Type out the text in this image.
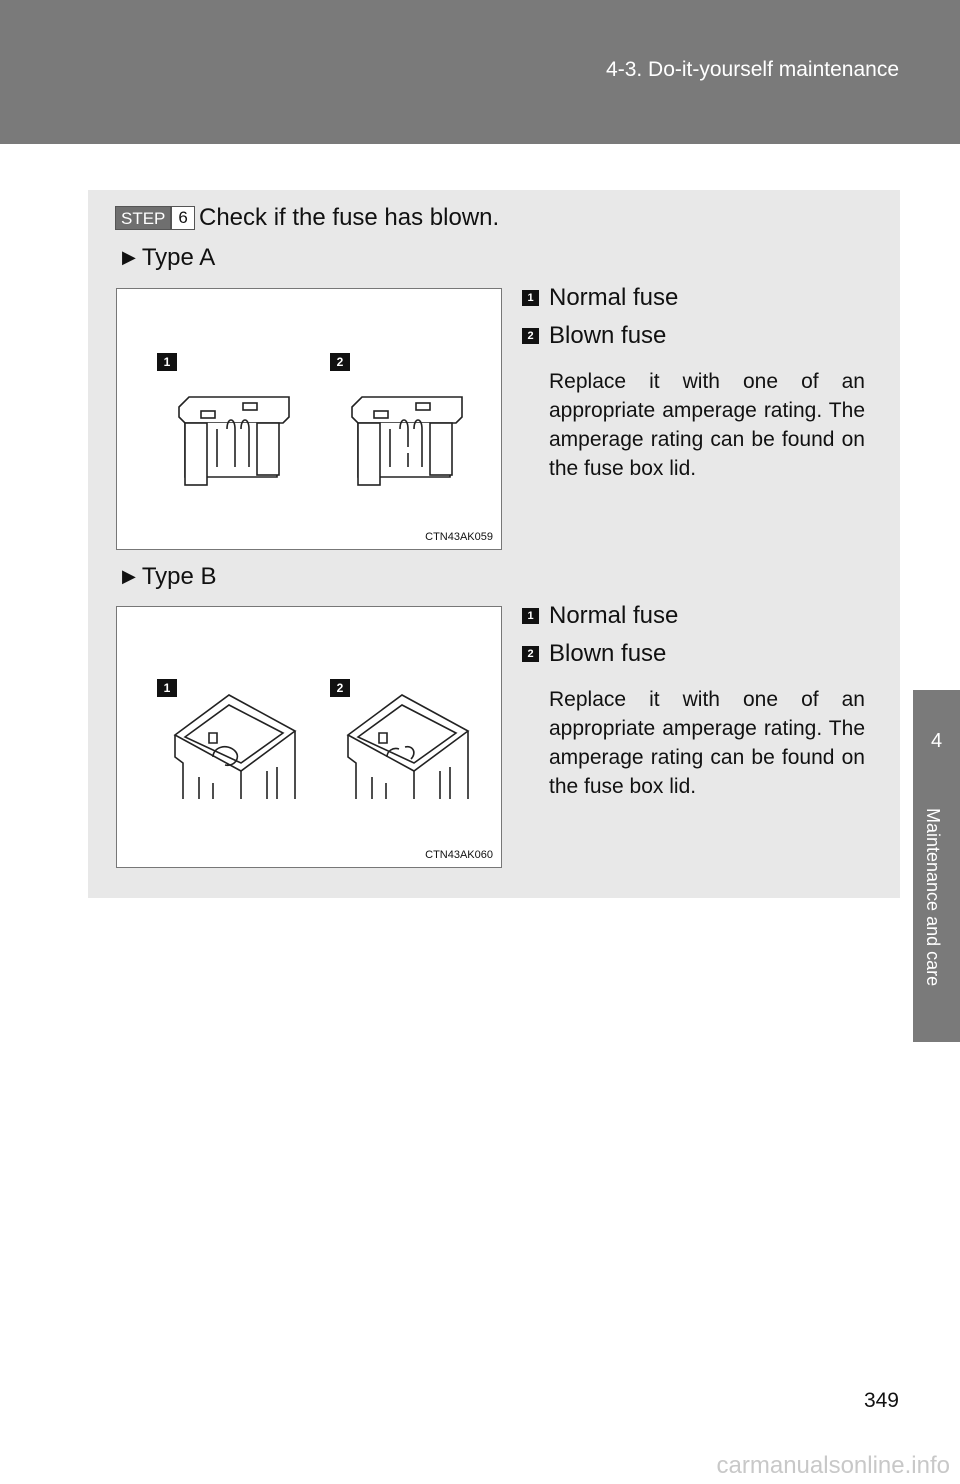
4-3. Do-it-yourself maintenance
4
Maintenance and care
STEP 6 Check if the fuse has blown.
▶ Type A
1	2
CTN43AK059
1 Normal fuse
2 Blown fuse
Replace it with one of an appropriate amperage rating. The amperage rating can be found on the fuse box lid.
▶ Type B
1	2
CTN43AK060
1 Normal fuse
2 Blown fuse
Replace it with one of an appropriate amperage rating. The amperage rating can be found on the fuse box lid.
349
carmanualsonline.info
